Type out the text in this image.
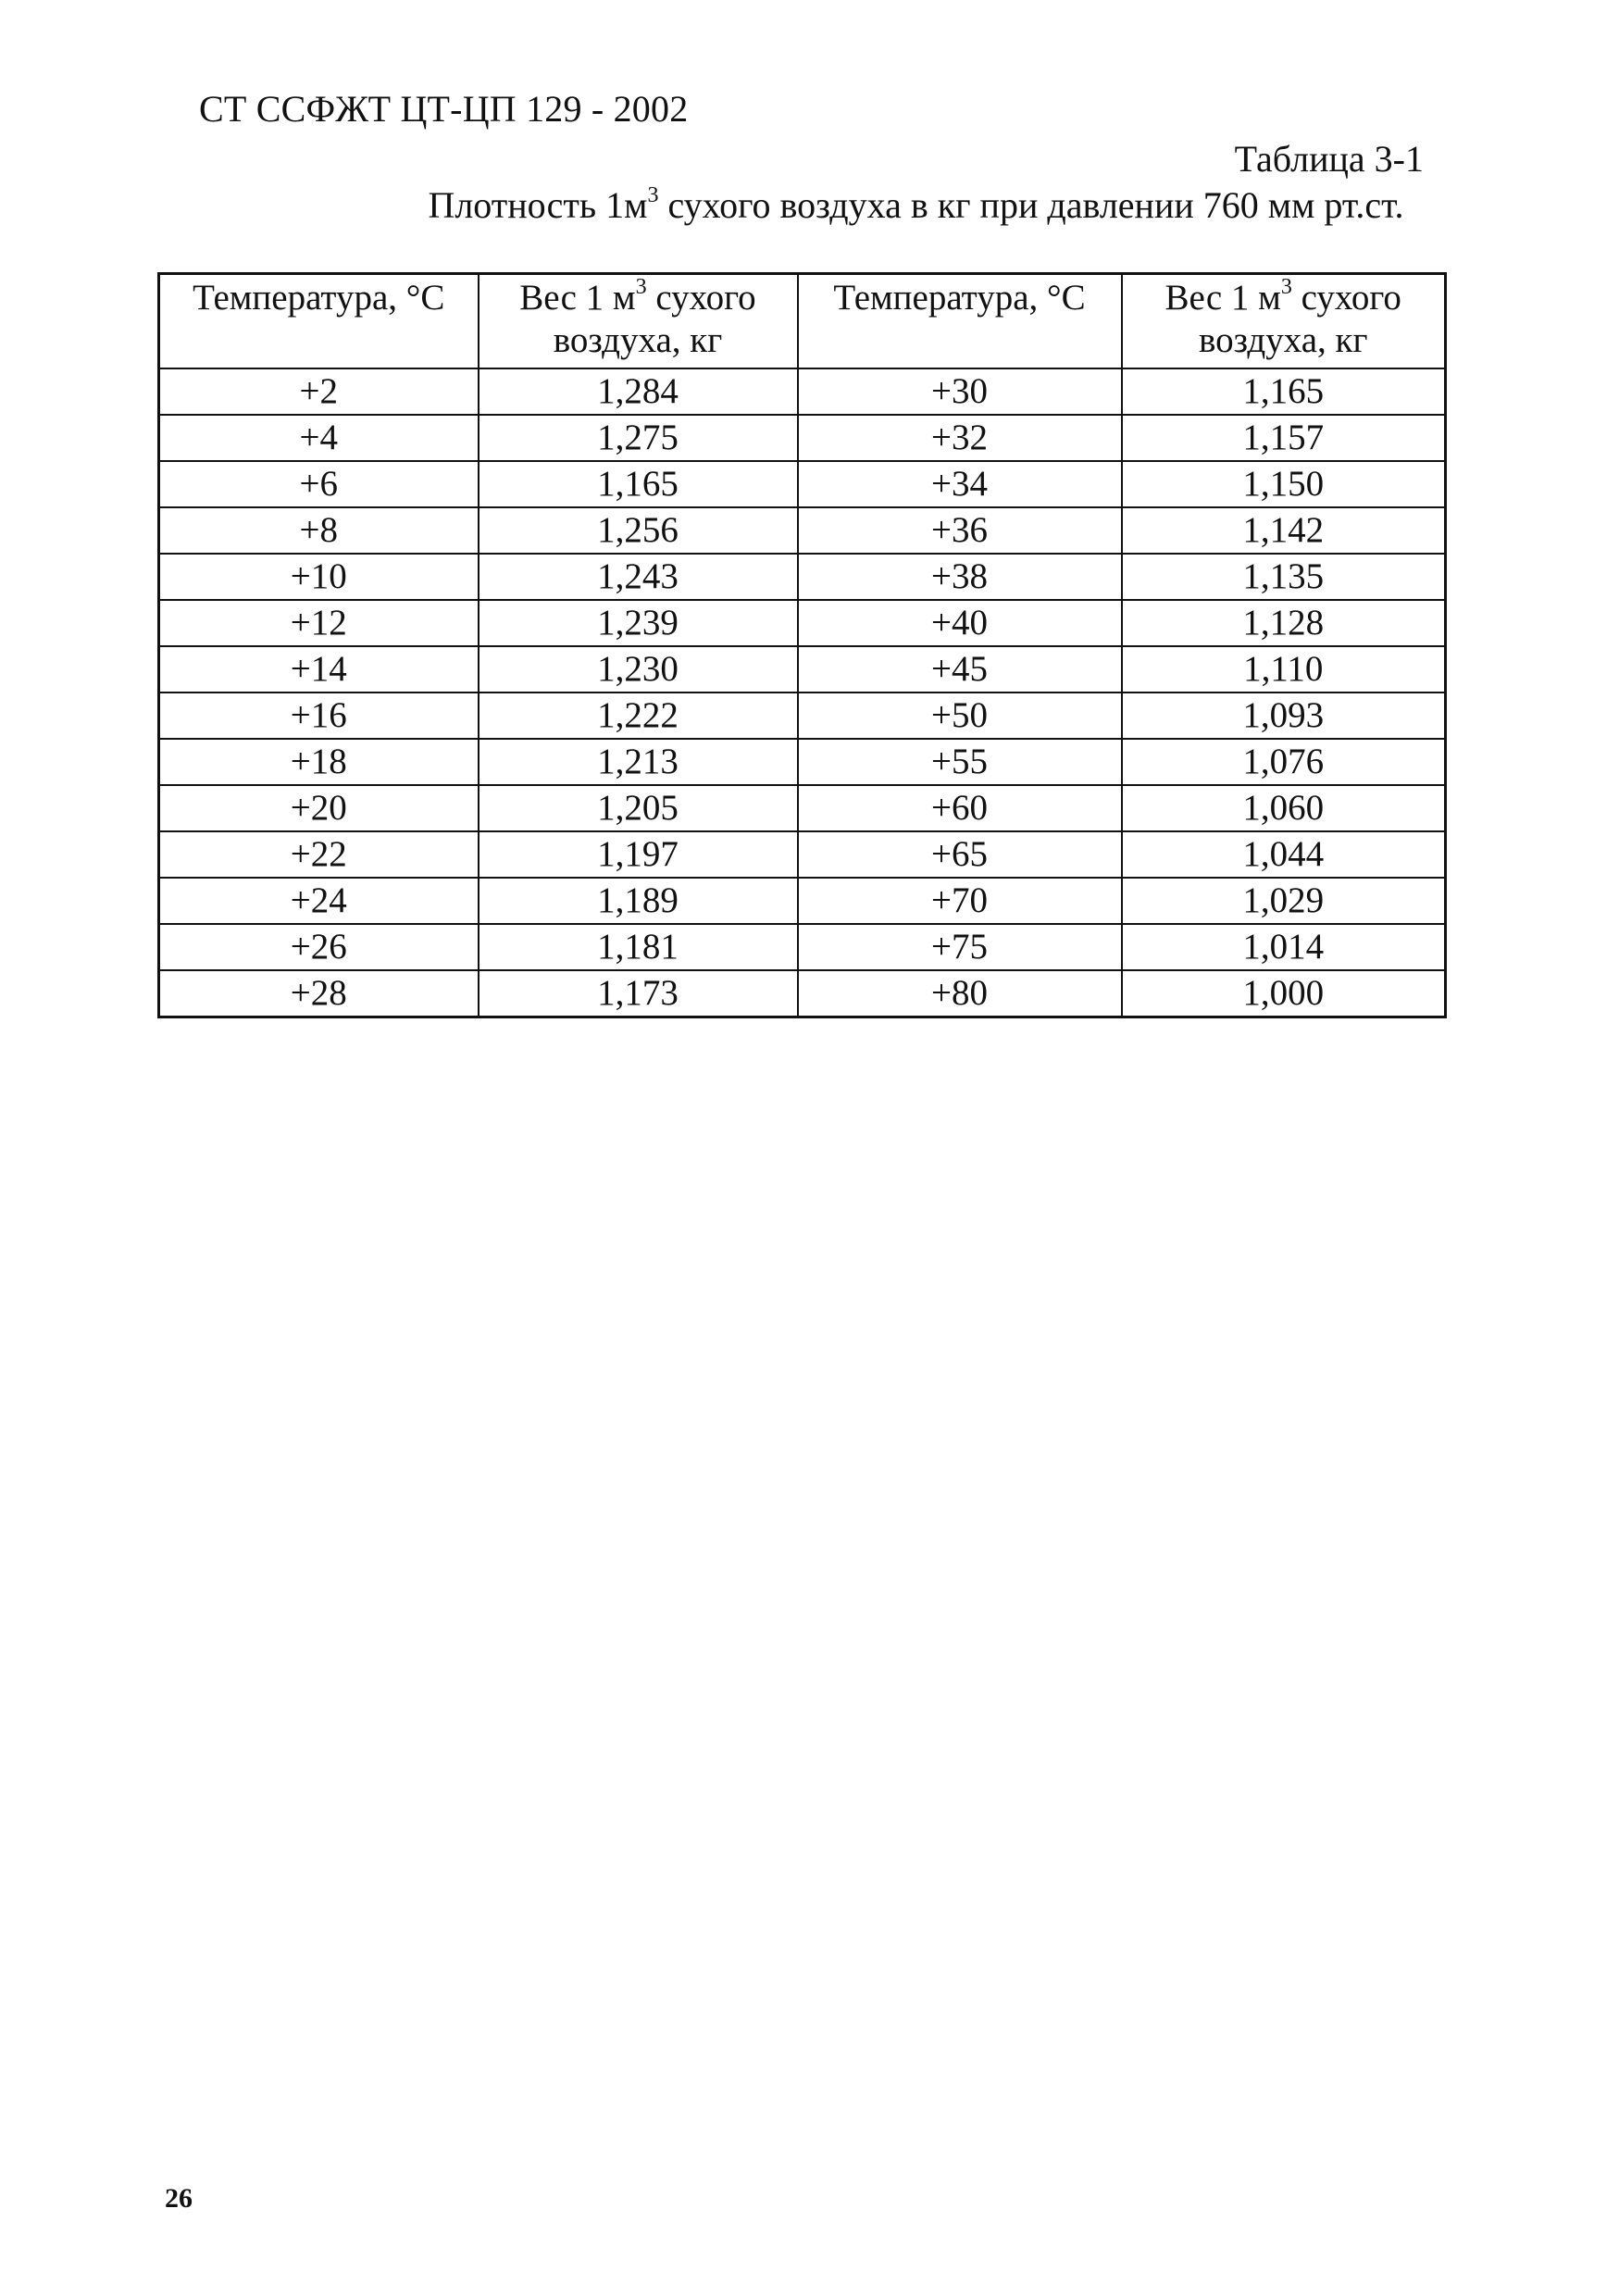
СТ ССФЖТ ЦТ-ЦП 129 - 2002
Таблица 3-1
Плотность $1м^3$ сухого воздуха в кг при давлении 760 мм рт.ст.
Температура, °С	Вес 1 $м^3$ сухого воздуха, кг	Температура, °С	Вес 1 $м^3$ сухого воздуха, кг
+2	1,284	+30	1,165
+4	1,275	+32	1,157
+6	1,165	+34	1,150
+8	1,256	+36	1,142
+10	1,243	+38	1,135
+12	1,239	+40	1,128
+14	1,230	+45	1,110
+16	1,222	+50	1,093
+18	1,213	+55	1,076
+20	1,205	+60	1,060
+22	1,197	+65	1,044
+24	1,189	+70	1,029
+26	1,181	+75	1,014
+28	1,173	+80	1,000
26
